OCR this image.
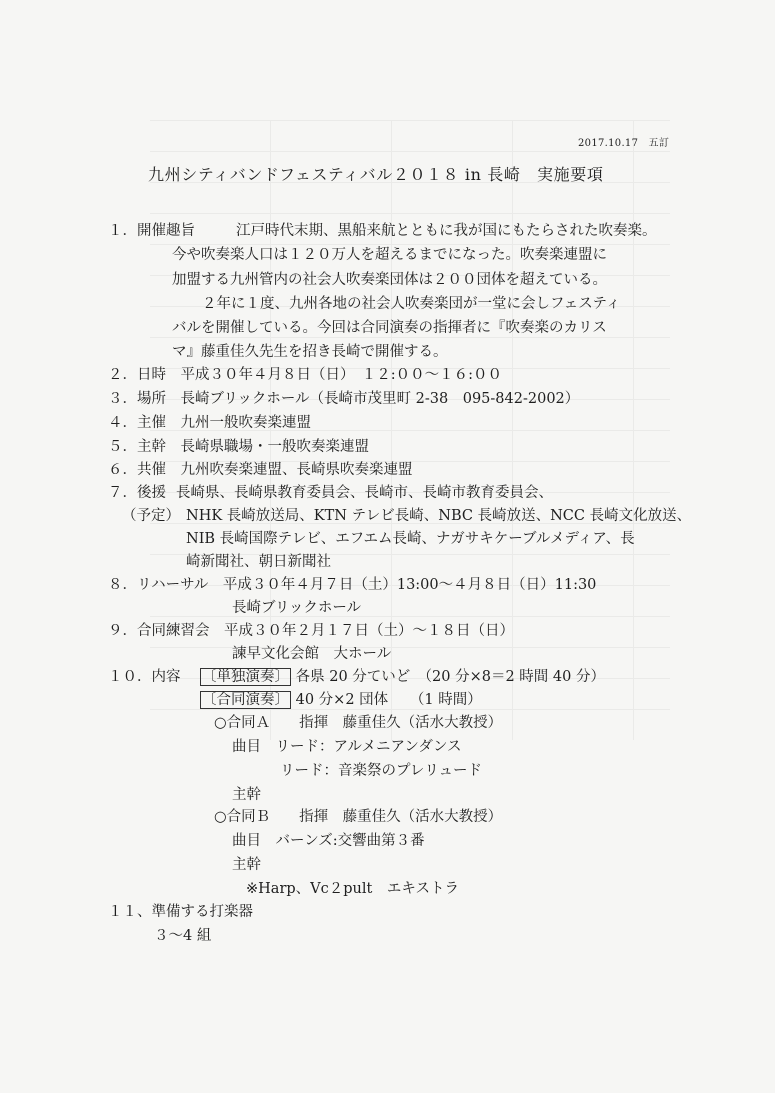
2017.10.17　五訂
九州シティバンドフェスティバル２０１８ in 長崎　実施要項
１．開催趣旨	江戸時代末期、黒船来航とともに我が国にもたらされた吹奏楽。
今や吹奏楽人口は１２０万人を超えるまでになった。吹奏楽連盟に
加盟する九州管内の社会人吹奏楽団体は２００団体を超えている。
２年に１度、九州各地の社会人吹奏楽団が一堂に会しフェスティ
バルを開催している。今回は合同演奏の指揮者に『吹奏楽のカリス
マ』藤重佳久先生を招き長崎で開催する。
２．日時　平成３０年４月８日（日）　１２:００～１６:００
３．場所　長崎ブリックホール（長崎市茂里町 2-38　095-842-2002）
４．主催　九州一般吹奏楽連盟
５．主幹　長崎県職場・一般吹奏楽連盟
６．共催　九州吹奏楽連盟、長崎県吹奏楽連盟
７．後援 長崎県、長崎県教育委員会、長崎市、長崎市教育委員会、
（予定） NHK 長崎放送局、KTN テレビ長崎、NBC 長崎放送、NCC 長崎文化放送、
NIB 長崎国際テレビ、エフエム長崎、ナガサキケーブルメディア、長
崎新聞社、朝日新聞社
８．リハーサル　平成３０年４月７日（土）13:00～４月８日（日）11:30
長崎ブリックホール
９．合同練習会　平成３０年２月１７日（土）～１８日（日）
諫早文化会館　大ホール
１０．内容 〔単独演奏〕 各県 20 分ていど　（20 分×8＝2 時間 40 分）
〔合同演奏〕 40 分×2 団体　　（1 時間）
○合同Ａ　　指揮　藤重佳久（活水大教授）
曲目　リード：アルメニアンダンス
リード：音楽祭のプレリュード
主幹
○合同Ｂ　　指揮　藤重佳久（活水大教授）
曲目　バーンズ:交響曲第３番
主幹
※Harp、Vc２pult　エキストラ
１１、準備する打楽器
３～4 組
